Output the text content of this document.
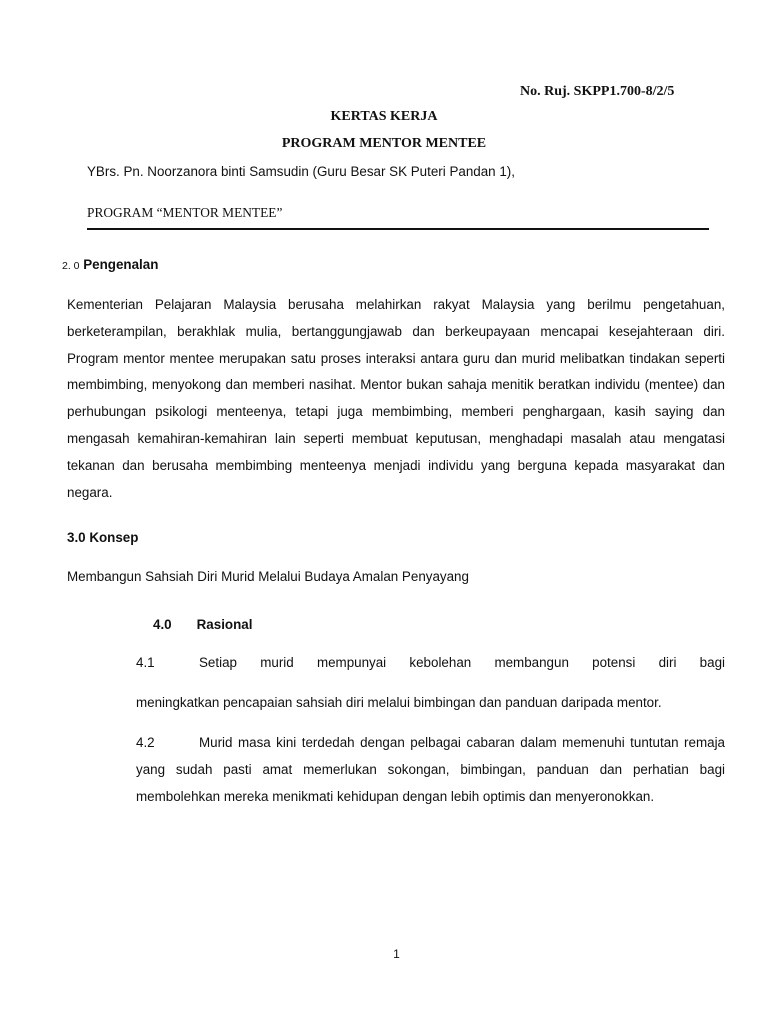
No. Ruj. SKPP1.700-8/2/5
KERTAS KERJA
PROGRAM MENTOR MENTEE
YBrs. Pn. Noorzanora binti Samsudin (Guru Besar SK Puteri Pandan 1),
PROGRAM “MENTOR MENTEE”
2. 0 Pengenalan
Kementerian Pelajaran Malaysia berusaha melahirkan rakyat Malaysia yang berilmu pengetahuan, berketerampilan, berakhlak mulia, bertanggungjawab dan berkeupayaan mencapai kesejahteraan diri. Program mentor mentee merupakan satu proses interaksi antara guru dan murid melibatkan tindakan seperti membimbing, menyokong dan memberi nasihat. Mentor bukan sahaja menitik beratkan individu (mentee) dan perhubungan psikologi menteenya, tetapi juga membimbing, memberi penghargaan, kasih saying dan mengasah kemahiran-kemahiran lain seperti membuat keputusan, menghadapi masalah atau mengatasi tekanan dan berusaha membimbing menteenya menjadi individu yang berguna kepada masyarakat dan negara.
3.0 Konsep
Membangun Sahsiah Diri Murid Melalui Budaya Amalan Penyayang
4.0 Rasional
4.1	Setiap murid mempunyai kebolehan membangun potensi diri bagi
meningkatkan pencapaian sahsiah diri melalui bimbingan dan panduan daripada mentor.
4.2	Murid masa kini terdedah dengan pelbagai cabaran dalam memenuhi tuntutan remaja yang sudah pasti amat memerlukan sokongan, bimbingan, panduan dan perhatian bagi membolehkan mereka menikmati kehidupan dengan lebih optimis dan menyeronokkan.
1
